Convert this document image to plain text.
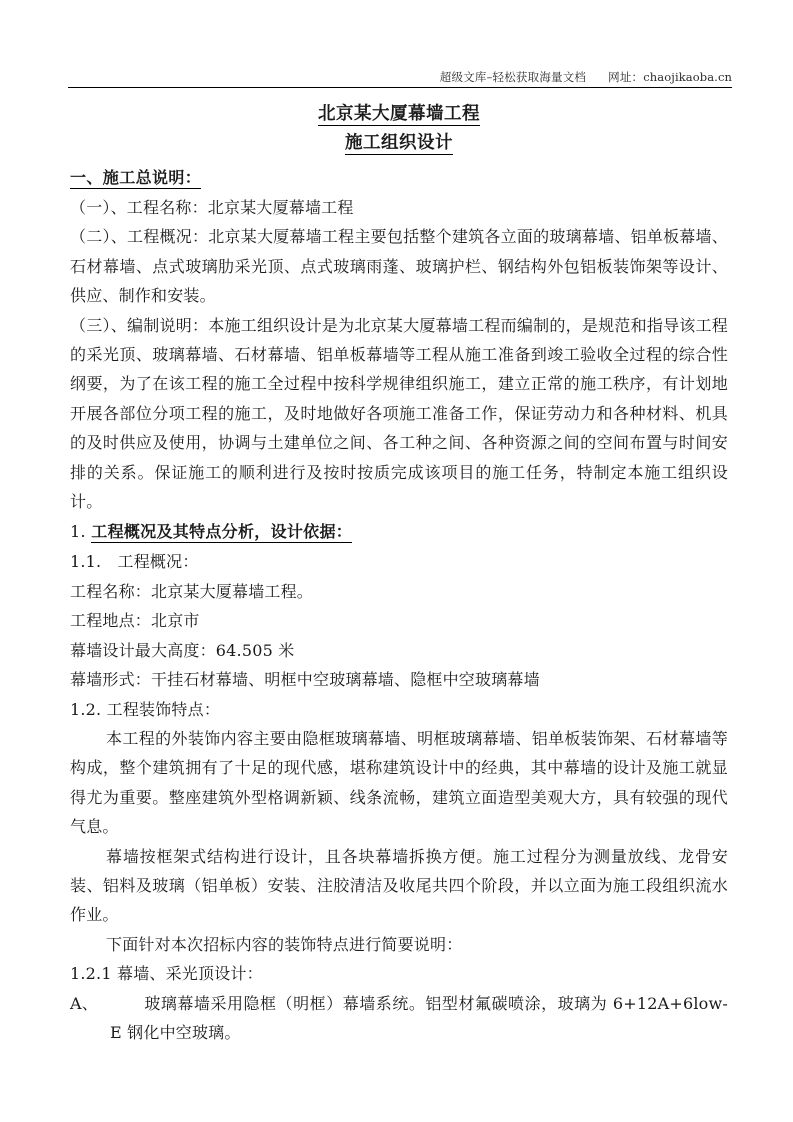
超级文库–轻松获取海量文档 网址：chaojikaoba.cn
北京某大厦幕墙工程
施工组织设计
一、施工总说明：
（一）、工程名称：北京某大厦幕墙工程
（二）、工程概况：北京某大厦幕墙工程主要包括整个建筑各立面的玻璃幕墙、铝单板幕墙、石材幕墙、点式玻璃肋采光顶、点式玻璃雨蓬、玻璃护栏、钢结构外包铝板装饰架等设计、供应、制作和安装。
（三）、编制说明：本施工组织设计是为北京某大厦幕墙工程而编制的，是规范和指导该工程的采光顶、玻璃幕墙、石材幕墙、铝单板幕墙等工程从施工准备到竣工验收全过程的综合性纲要，为了在该工程的施工全过程中按科学规律组织施工，建立正常的施工秩序，有计划地开展各部位分项工程的施工，及时地做好各项施工准备工作，保证劳动力和各种材料、机具的及时供应及使用，协调与土建单位之间、各工种之间、各种资源之间的空间布置与时间安排的关系。保证施工的顺利进行及按时按质完成该项目的施工任务，特制定本施工组织设计。
1. 工程概况及其特点分析，设计依据：
1.1.　工程概况：
工程名称：北京某大厦幕墙工程。
工程地点：北京市
幕墙设计最大高度：64.505 米
幕墙形式：干挂石材幕墙、明框中空玻璃幕墙、隐框中空玻璃幕墙
1.2. 工程装饰特点：
本工程的外装饰内容主要由隐框玻璃幕墙、明框玻璃幕墙、铝单板装饰架、石材幕墙等构成，整个建筑拥有了十足的现代感，堪称建筑设计中的经典，其中幕墙的设计及施工就显得尤为重要。整座建筑外型格调新颖、线条流畅，建筑立面造型美观大方，具有较强的现代气息。
幕墙按框架式结构进行设计，且各块幕墙拆换方便。施工过程分为测量放线、龙骨安装、铝料及玻璃（铝单板）安装、注胶清洁及收尾共四个阶段，并以立面为施工段组织流水作业。
下面针对本次招标内容的装饰特点进行简要说明：
1.2.1 幕墙、采光顶设计：
A、	玻璃幕墙采用隐框（明框）幕墙系统。铝型材氟碳喷涂，玻璃为 6+12A+6low-E 钢化中空玻璃。
